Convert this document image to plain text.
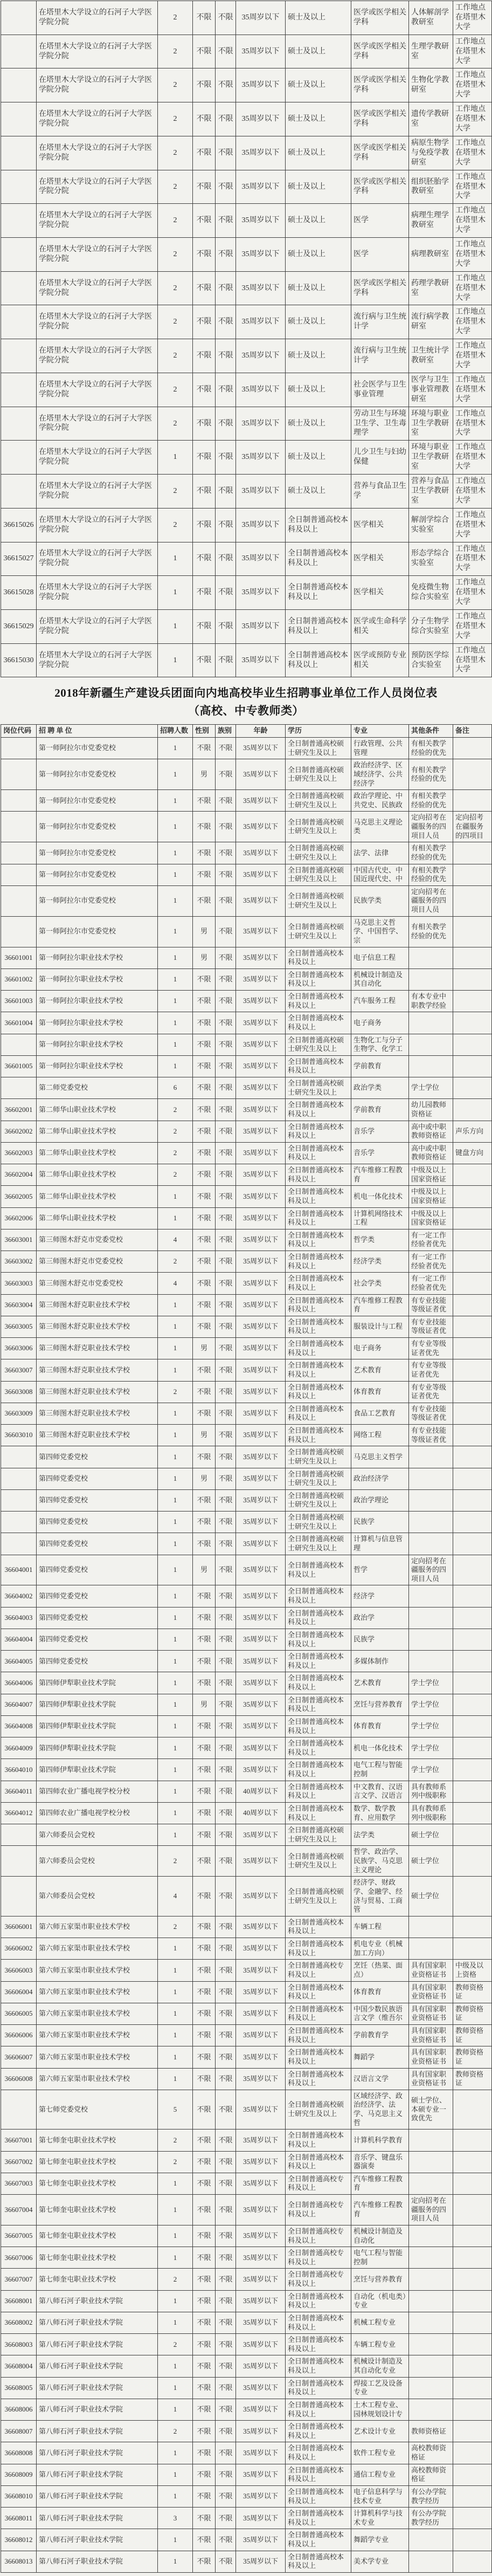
	在塔里木大学设立的石河子大学医学院分院	2	不限	不限	35周岁以下	硕士及以上	医学或医学相关学科	人体解剖学教研室	工作地点在塔里木大学
	在塔里木大学设立的石河子大学医学院分院	2	不限	不限	35周岁以下	硕士及以上	医学或医学相关学科	生理学教研室	工作地点在塔里木大学
	在塔里木大学设立的石河子大学医学院分院	2	不限	不限	35周岁以下	硕士及以上	医学或医学相关学科	生物化学教研室	工作地点在塔里木大学
	在塔里木大学设立的石河子大学医学院分院	2	不限	不限	35周岁以下	硕士及以上	医学或医学相关学科	遗传学教研室	工作地点在塔里木大学
	在塔里木大学设立的石河子大学医学院分院	2	不限	不限	35周岁以下	硕士及以上	医学或医学相关学科	病原生物学与免疫学教研室	工作地点在塔里木大学
	在塔里木大学设立的石河子大学医学院分院	2	不限	不限	35周岁以下	硕士及以上	医学或医学相关学科	组织胚胎学教研室	工作地点在塔里木大学
	在塔里木大学设立的石河子大学医学院分院	2	不限	不限	35周岁以下	硕士及以上	医学	病理生理学教研室	工作地点在塔里木大学
	在塔里木大学设立的石河子大学医学院分院	2	不限	不限	35周岁以下	硕士及以上	医学	病理教研室	工作地点在塔里木大学
	在塔里木大学设立的石河子大学医学院分院	2	不限	不限	35周岁以下	硕士及以上	医学或医学相关学科	药理学教研室	工作地点在塔里木大学
	在塔里木大学设立的石河子大学医学院分院	2	不限	不限	35周岁以下	硕士及以上	流行病与卫生统计学	流行病学教研室	工作地点在塔里木大学
	在塔里木大学设立的石河子大学医学院分院	2	不限	不限	35周岁以下	硕士及以上	流行病与卫生统计学	卫生统计学教研室	工作地点在塔里木大学
	在塔里木大学设立的石河子大学医学院分院	2	不限	不限	35周岁以下	硕士及以上	社会医学与卫生事业管理	医学与卫生事业管理教研室	工作地点在塔里木大学
	在塔里木大学设立的石河子大学医学院分院	2	不限	不限	35周岁以下	硕士及以上	劳动卫生与环境卫生学、卫生毒理学	环境与职业卫生学教研室	工作地点在塔里木大学
	在塔里木大学设立的石河子大学医学院分院	1	不限	不限	35周岁以下	硕士及以上	儿少卫生与妇幼保健	环境与职业卫生学教研室	工作地点在塔里木大学
	在塔里木大学设立的石河子大学医学院分院	2	不限	不限	35周岁以下	硕士及以上	营养与食品卫生学	营养与食品卫生学教研室	工作地点在塔里木大学
36615026	在塔里木大学设立的石河子大学医学院分院	2	不限	不限	35周岁以下	全日制普通高校本科及以上	医学相关	解剖学综合实验室	工作地点在塔里木大学
36615027	在塔里木大学设立的石河子大学医学院分院	1	不限	不限	35周岁以下	全日制普通高校本科及以上	医学相关	形态学综合实验室	工作地点在塔里木大学
36615028	在塔里木大学设立的石河子大学医学院分院	1	不限	不限	35周岁以下	全日制普通高校本科及以上	医学相关	免疫微生物综合实验室	工作地点在塔里木大学
36615029	在塔里木大学设立的石河子大学医学院分院	1	不限	不限	35周岁以下	全日制普通高校本科及以上	医学或生命科学相关	分子生物学综合实验室	工作地点在塔里木大学
36615030	在塔里木大学设立的石河子大学医学院分院	1	不限	不限	35周岁以下	全日制普通高校本科及以上	医学或预防专业相关	预防医学综合实验室	工作地点在塔里木大学
2018年新疆生产建设兵团面向内地高校毕业生招聘事业单位工作人员岗位表
（高校、中专教师类）
岗位代码	招 聘 单 位	招聘人数	性别	族别	年龄	学历	专业	其他条件	备注
	第一师阿拉尔市党委党校	1	不限	不限	35周岁以下	全日制普通高校硕士研究生及以上	行政管理、公共管理	有相关教学经验的优先	
	第一师阿拉尔市党委党校	1	男	不限	35周岁以下	全日制普通高校硕士研究生及以上	政治经济学、区域经济学、公共经济学	有相关教学经验的优先	
	第一师阿拉尔市党委党校	1	不限	不限	35周岁以下	全日制普通高校硕士研究生及以上	政治学理论、中共党史、民族政	有相关教学经验的优先	
	第一师阿拉尔市党委党校	1	不限	不限	35周岁以下	全日制普通高校硕士研究生及以上	马克思主义理论类	定向招考在疆服务的四项目人员	定向招考在疆服务的四项目
	第一师阿拉尔市党委党校	1	不限	不限	35周岁以下	全日制普通高校硕士研究生及以上	法学、法律	有相关教学经验的优先	
	第一师阿拉尔市党委党校	1	不限	不限	35周岁以下	全日制普通高校硕士研究生及以上	中国古代史、中国近现代史、中	有相关教学经验的优先	
	第一师阿拉尔市党委党校	1	不限	不限	35周岁以下	全日制普通高校硕士研究生及以上	民族学类	定向招考在疆服务的四项目人员	
	第一师阿拉尔市党委党校	1	男	不限	35周岁以下	全日制普通高校硕士研究生及以上	马克思主义哲学、中国哲学、宗	有相关教学经验的优先	
36601001	第一师阿拉尔职业技术学校	1	男	不限	35周岁以下	全日制普通高校本科及以上	电子信息工程		
36601002	第一师阿拉尔职业技术学校	1	不限	不限	35周岁以下	全日制普通高校本科及以上	机械设计制造及其自动化		
36601003	第一师阿拉尔职业技术学校	1	不限	不限	35周岁以下	全日制普通高校本科及以上	汽车服务工程	有本专业中职教学经验	
36601004	第一师阿拉尔职业技术学校	1	不限	不限	35周岁以下	全日制普通高校本科及以上	电子商务		
	第一师阿拉尔职业技术学校	1	不限	不限	35周岁以下	全日制普通高校硕士研究生及以上	生物化工与分子生物学、化学工		
36601005	第一师阿拉尔职业技术学校	1	不限	不限	35周岁以下	全日制普通高校本科及以上	学前教育		
	第二师党委党校	6	不限	不限	35周岁以下	全日制普通高校硕士研究生及以上	政治学类	学士学位	
36602001	第二师华山职业技术学校	2	不限	不限	35周岁以下	全日制普通高校本科及以上	学前教育	幼儿园教师资格证	
36602002	第二师华山职业技术学校	2	不限	不限	35周岁以下	全日制普通高校本科及以上	音乐学	高中或中职教师资格证	声乐方向
36602003	第二师华山职业技术学校	2	不限	不限	35周岁以下	全日制普通高校本科及以上	音乐学	高中或中职教师资格证	键盘方向
36602004	第二师华山职业技术学校	2	不限	不限	35周岁以下	全日制普通高校本科及以上	汽车维修工程教育	中级及以上国家资格证	
36602005	第二师华山职业技术学校	1	不限	不限	35周岁以下	全日制普通高校本科及以上	机电一体化技术	中级及以上国家资格证	
36602006	第二师华山职业技术学校	1	不限	不限	35周岁以下	全日制普通高校本科及以上	计算机网络技术工程	中级及以上国家资格证	
36603001	第三师图木舒克市党委党校	4	不限	不限	35周岁以下	全日制普通高校本科及以上	哲学类	有一定工作经验者优先	
36603002	第三师图木舒克市党委党校	2	不限	不限	35周岁以下	全日制普通高校本科及以上	经济学类	有一定工作经验者优先	
36603003	第三师图木舒克市党委党校	4	不限	不限	35周岁以下	全日制普通高校本科及以上	社会学类	有一定工作经验者优先	
36603004	第三师图木舒克职业技术学校	1	不限	不限	35周岁以下	全日制普通高校本科及以上	汽车维修工程教育	有专业技能等级证者优	
36603005	第三师图木舒克职业技术学校	1	不限	不限	35周岁以下	全日制普通高校本科及以上	服装设计与工程	有专业技能等级证者优	
36603006	第三师图木舒克职业技术学校	1	男	不限	35周岁以下	全日制普通高校本科及以上	电子商务	有专业等级证者优先	
36603007	第三师图木舒克职业技术学校	1	不限	不限	35周岁以下	全日制普通高校本科及以上	艺术教育	有专业等级证者优先	
36603008	第三师图木舒克职业技术学校	2	不限	不限	35周岁以下	全日制普通高校本科及以上	体育教育	有专业等级证者优先	
36603009	第三师图木舒克职业技术学校	1	不限	不限	35周岁以下	全日制普通高校本科及以上	食品工艺教育	有专业技能等级证者优	
36603010	第三师图木舒克职业技术学校	1	男	不限	35周岁以下	全日制普通高校本科及以上	网络工程	有专业技能等级证者优	
	第四师党委党校	1	不限	不限	35周岁以下	全日制普通高校硕士研究生及以上	马克思主义哲学		
	第四师党委党校	1	男	不限	35周岁以下	全日制普通高校硕士研究生及以上	政治经济学		
	第四师党委党校	1	不限	不限	35周岁以下	全日制普通高校硕士研究生及以上	政治学理论		
	第四师党委党校	1	不限	不限	35周岁以下	全日制普通高校硕士研究生及以上	民族学		
	第四师党委党校	1	不限	不限	35周岁以下	全日制普通高校硕士研究生及以上	计算机与信息管理		
36604001	第四师党委党校	1	男	不限	35周岁以下	全日制普通高校本科及以上	哲学	定向招考在疆服务的四项目人员	
36604002	第四师党委党校	1	不限	不限	35周岁以下	全日制普通高校本科及以上	经济学		
36604003	第四师党委党校	1	不限	不限	35周岁以下	全日制普通高校本科及以上	政治学		
36604004	第四师党委党校	1	不限	不限	35周岁以下	全日制普通高校本科及以上	民族学		
36604005	第四师党委党校	1	不限	不限	35周岁以下	全日制普通高校本科及以上	多媒体制作		
36604006	第四师伊犁职业技术学院	1	不限	不限	35周岁以下	全日制普通高校本科及以上	艺术教育	学士学位	
36604007	第四师伊犁职业技术学院	1	男	不限	35周岁以下	全日制普通高校本科及以上	烹饪与营养教育	学士学位	
36604008	第四师伊犁职业技术学院	1	不限	不限	35周岁以下	全日制普通高校本科及以上	体育教育	学士学位	
36604009	第四师伊犁职业技术学院	1	不限	不限	35周岁以下	全日制普通高校本科及以上	机电一体化技术	学士学位	
36604010	第四师伊犁职业技术学院	1	不限	不限	35周岁以下	全日制普通高校本科及以上	电气工程与智能控制	学士学位	
36604011	第四师农业广播电视学校分校	1	不限	不限	40周岁以下	全日制普通高校本科及以上	中文教育、汉语言文学、汉语言	具有教师系列中级职称	
36604012	第四师农业广播电视学校分校	1	不限	不限	40周岁以下	全日制普通高校本科及以上	数学、数学教育、应用数学	具有教师系列中级职称	
	第六师委员会党校	1	不限	不限	35周岁以下	全日制普通高校硕士研究生及以上	法学类	硕士学位	
	第六师委员会党校	2	不限	不限	35周岁以下	全日制普通高校硕士研究生及以上	哲学、政治学、民族学、马克思主义理论	硕士学位	
	第六师委员会党校	4	不限	不限	35周岁以下	全日制普通高校硕士研究生及以上	经济学、财政学、金融学、经济与贸易、工商管	硕士学位	
36606001	第六师五家渠市职业技术学校	2	不限	不限	35周岁以下	全日制普通高校本科及以上	车辆工程		
36606002	第六师五家渠市职业技术学校	1	不限	不限	35周岁以下	全日制普通高校本科及以上	机电专业（机械加工方向）		
36606003	第六师五家渠市职业技术学校	1	不限	不限	35周岁以下	全日制普通高校专科及以上	烹饪（热菜、面点）	具有国家职业资格证书	中级及以上资格
36606004	第六师五家渠市职业技术学校	1	不限	不限	35周岁以下	全日制普通高校本科及以上	体育教育	具有国家职业资格证书	教师资格证
36606005	第六师五家渠市职业技术学校	1	不限	不限	35周岁以下	全日制普通高校本科及以上	中国少数民族语言文学（维吾尔	具有国家职业资格证书	教师资格证
36606006	第六师五家渠市职业技术学校	1	不限	不限	35周岁以下	全日制普通高校本科及以上	学前教育学	具有国家职业资格证书	教师资格证
36606007	第六师五家渠市职业技术学校	1	不限	不限	35周岁以下	全日制普通高校本科及以上	舞蹈学	具有国家职业资格证书	教师资格证
36606008	第六师五家渠市职业技术学校	1	不限	不限	35周岁以下	全日制普通高校本科及以上	汉语言文学	具有国家职业资格证书	教师资格证
	第七师党委党校	5	不限	不限	35周岁以下	全日制普通高校硕士研究生及以上	区域经济学、政治经济学、法学、马克思主义哲	硕士学位、本硕专业一致优先	
36607001	第七师奎屯职业技术学校	2	不限	不限	35周岁以下	全日制普通高校本科及以上	计算机科学教育		
36607002	第七师奎屯职业技术学校	2	不限	不限	35周岁以下	全日制普通高校本科及以上	音乐学、键盘乐器演奏		
36607003	第七师奎屯职业技术学校	1	不限	不限	35周岁以下	全日制普通高校专科及以上	汽车维修工程教育		
36607004	第七师奎屯职业技术学校	1	不限	不限	35周岁以下	全日制普通高校专科及以上	汽车维修工程教育	定向招考在疆服务的四项目人员	
36607005	第七师奎屯职业技术学校	1	不限	不限	35周岁以下	全日制普通高校专科及以上	机械设计制造及自动化		
36607006	第七师奎屯职业技术学校	1	不限	不限	35周岁以下	全日制普通高校专科及以上	电气工程与智能控制		
36607007	第七师奎屯职业技术学校	2	不限	不限	35周岁以下	全日制普通高校专科及以上	烹饪与营养教育		
36608001	第八师石河子职业技术学院	1	不限	不限	35周岁以下	全日制普通高校本科及以上	自动化（机电类）专业		
36608002	第八师石河子职业技术学院	1	不限	不限	35周岁以下	全日制普通高校本科及以上	机械工程专业		
36608003	第八师石河子职业技术学院	2	不限	不限	35周岁以下	全日制普通高校本科及以上	车辆工程专业		
36608004	第八师石河子职业技术学院	1	不限	不限	35周岁以下	全日制普通高校本科及以上	机械设计制造及其自动化专业		
36608005	第八师石河子职业技术学院	1	不限	不限	35周岁以下	全日制普通高校本科及以上	焊接工艺及设备专业		
36608006	第八师石河子职业技术学院	1	不限	不限	35周岁以下	全日制普通高校本科及以上	土木工程专业、园林规划设计专		
36608007	第八师石河子职业技术学院	2	不限	不限	35周岁以下	全日制普通高校本科及以上	艺术设计专业	教师资格证	
36608008	第八师石河子职业技术学院	1	不限	不限	35周岁以下	全日制普通高校本科及以上	软件工程专业	高校教师资格证	
36608009	第八师石河子职业技术学院	1	不限	不限	35周岁以下	全日制普通高校本科及以上	通信工程专业	高校教师资格证	
36608010	第八师石河子职业技术学院	1	不限	不限	35周岁以下	全日制普通高校本科及以上	电子信息科学与技术专业	有公办学院教学经历	
36608011	第八师石河子职业技术学院	3	不限	不限	35周岁以下	全日制普通高校本科及以上	计算机科学与技术专业	有公办学院教学经历	
36608012	第八师石河子职业技术学院	1	不限	不限	35周岁以下	全日制普通高校本科及以上	舞蹈学专业		
36608013	第八师石河子职业技术学院	1	不限	不限	35周岁以下	全日制普通高校本科及以上	美术学专业		
